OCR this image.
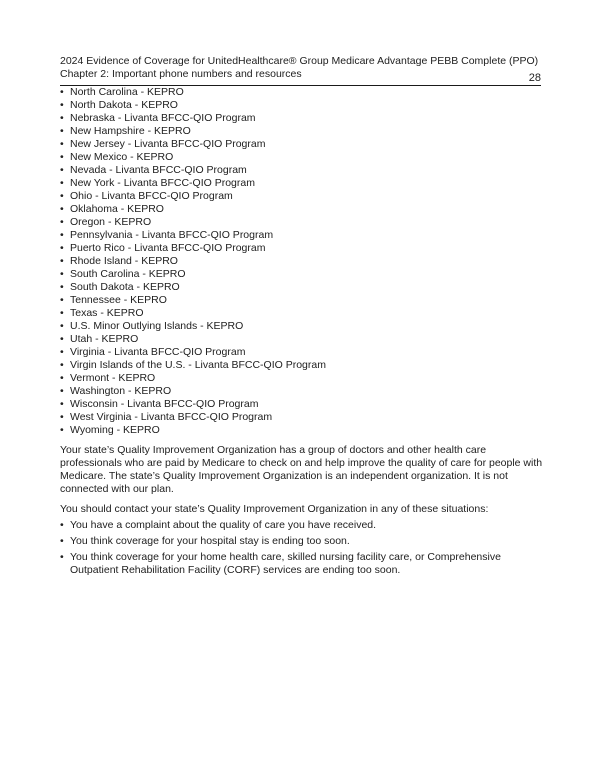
2024 Evidence of Coverage for UnitedHealthcare® Group Medicare Advantage PEBB Complete (PPO)
Chapter 2: Important phone numbers and resources	28
• North Carolina - KEPRO
• North Dakota - KEPRO
• Nebraska - Livanta BFCC-QIO Program
• New Hampshire - KEPRO
• New Jersey - Livanta BFCC-QIO Program
• New Mexico - KEPRO
• Nevada - Livanta BFCC-QIO Program
• New York - Livanta BFCC-QIO Program
• Ohio - Livanta BFCC-QIO Program
• Oklahoma - KEPRO
• Oregon - KEPRO
• Pennsylvania - Livanta BFCC-QIO Program
• Puerto Rico - Livanta BFCC-QIO Program
• Rhode Island - KEPRO
• South Carolina - KEPRO
• South Dakota - KEPRO
• Tennessee - KEPRO
• Texas - KEPRO
• U.S. Minor Outlying Islands - KEPRO
• Utah - KEPRO
• Virginia - Livanta BFCC-QIO Program
• Virgin Islands of the U.S. - Livanta BFCC-QIO Program
• Vermont - KEPRO
• Washington - KEPRO
• Wisconsin - Livanta BFCC-QIO Program
• West Virginia - Livanta BFCC-QIO Program
• Wyoming - KEPRO

Your state’s Quality Improvement Organization has a group of doctors and other health care professionals who are paid by Medicare to check on and help improve the quality of care for people with Medicare. The state’s Quality Improvement Organization is an independent organization. It is not connected with our plan.

You should contact your state’s Quality Improvement Organization in any of these situations:

• You have a complaint about the quality of care you have received.
• You think coverage for your hospital stay is ending too soon.
• You think coverage for your home health care, skilled nursing facility care, or Comprehensive Outpatient Rehabilitation Facility (CORF) services are ending too soon.
